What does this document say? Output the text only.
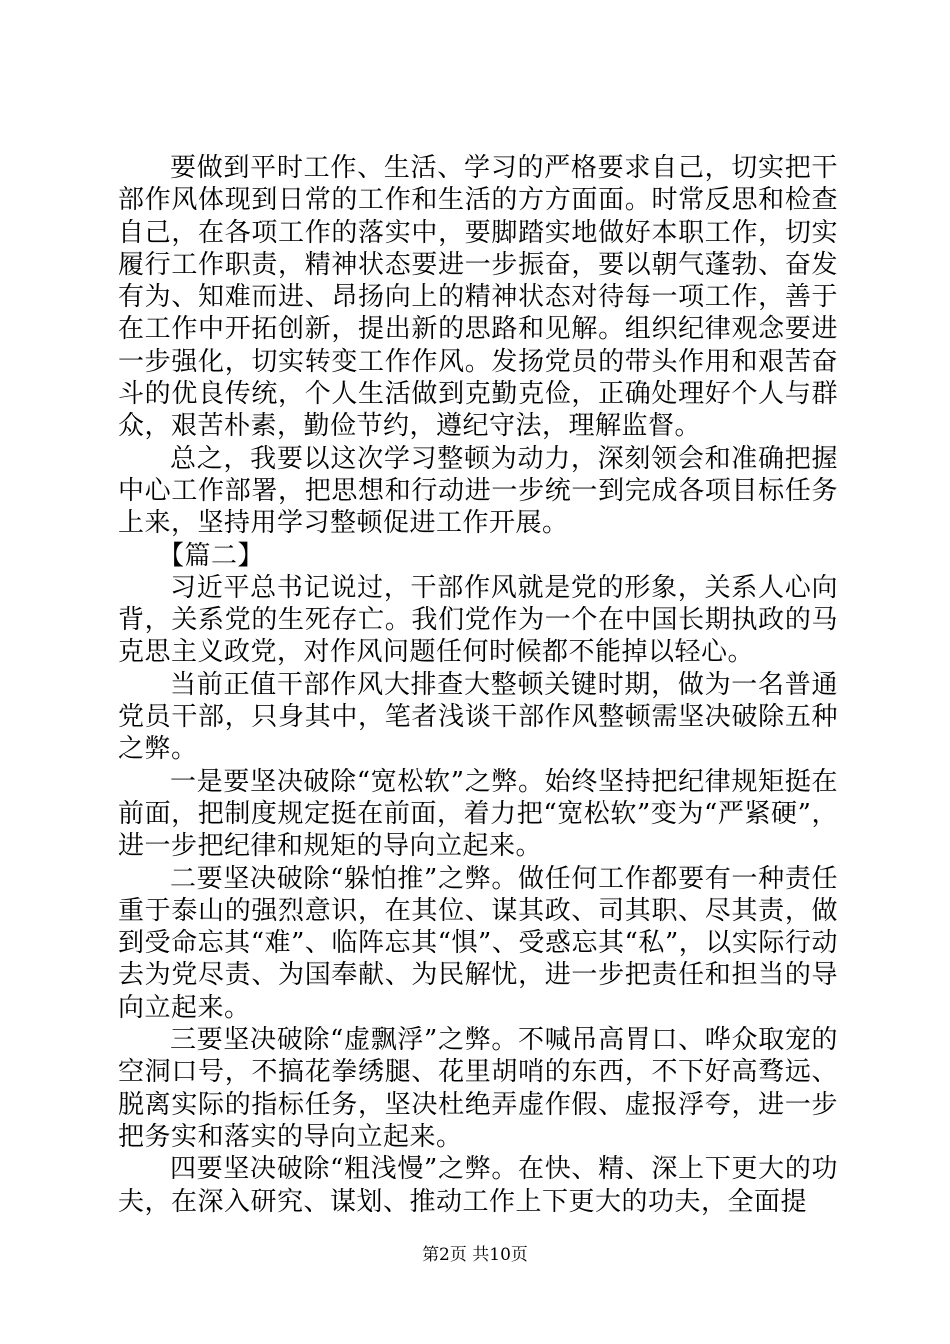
要做到平时工作、生活、学习的严格要求自己，切实把干部作风体现到日常的工作和生活的方方面面。时常反思和检查自己，在各项工作的落实中，要脚踏实地做好本职工作，切实履行工作职责，精神状态要进一步振奋，要以朝气蓬勃、奋发有为、知难而进、昂扬向上的精神状态对待每一项工作，善于在工作中开拓创新，提出新的思路和见解。组织纪律观念要进一步强化，切实转变工作作风。发扬党员的带头作用和艰苦奋斗的优良传统，个人生活做到克勤克俭，正确处理好个人与群众，艰苦朴素，勤俭节约，遵纪守法，理解监督。

总之，我要以这次学习整顿为动力，深刻领会和准确把握中心工作部署，把思想和行动进一步统一到完成各项目标任务上来，坚持用学习整顿促进工作开展。

【篇二】

习近平总书记说过，干部作风就是党的形象，关系人心向背，关系党的生死存亡。我们党作为一个在中国长期执政的马克思主义政党，对作风问题任何时候都不能掉以轻心。

当前正值干部作风大排查大整顿关键时期，做为一名普通党员干部，只身其中，笔者浅谈干部作风整顿需坚决破除五种之弊。

一是要坚决破除“宽松软”之弊。始终坚持把纪律规矩挺在前面，把制度规定挺在前面，着力把“宽松软”变为“严紧硬”，进一步把纪律和规矩的导向立起来。

二要坚决破除“躲怕推”之弊。做任何工作都要有一种责任重于泰山的强烈意识，在其位、谋其政、司其职、尽其责，做到受命忘其“难”、临阵忘其“惧”、受惑忘其“私”，以实际行动去为党尽责、为国奉献、为民解忧，进一步把责任和担当的导向立起来。

三要坚决破除“虚飘浮”之弊。不喊吊高胃口、哗众取宠的空洞口号，不搞花拳绣腿、花里胡哨的东西，不下好高骛远、脱离实际的指标任务，坚决杜绝弄虚作假、虚报浮夸，进一步把务实和落实的导向立起来。

四要坚决破除“粗浅慢”之弊。在快、精、深上下更大的功夫，在深入研究、谋划、推动工作上下更大的功夫，全面提

第2页 共10页
